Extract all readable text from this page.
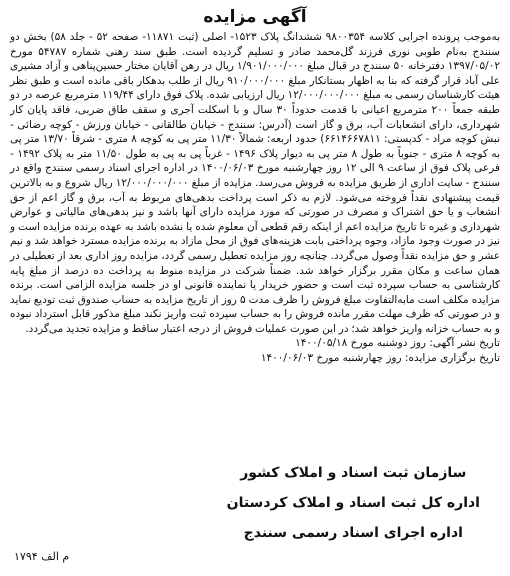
آگهی مزایده

به‌موجب پرونده اجرایی کلاسه ۹۸۰۰۳۵۴ ششدانگ پلاک ۱۵۲۳- اصلی (ثبت ۱۱۸۷۱- صفحه ۵۲ - جلد ۵۸) بخش دو سنندج به‌نام طوبی نوری فرزند گل‌محمد صادر و تسلیم گردیده است. طبق سند رهنی شماره ۵۴۷۸۷ مورخ ۱۳۹۷/۰۵/۰۲ دفترخانه ۵۰ سنندج در قبال مبلغ ۱/۹۰۱/۰۰۰/۰۰۰ ریال در رهن آقایان مختار حسین‌پناهی و آزاد مشیری علی آباد قرار گرفته که بنا به اظهار بستانکار مبلغ ۹۱۰/۰۰۰/۰۰۰ ریال از طلب بدهکار باقی مانده است و طبق نظر هیئت کارشناسان رسمی به مبلغ ۱۲/۰۰۰/۰۰۰/۰۰۰ ریال ارزیابی شده. پلاک فوق دارای ۱۱۹/۴۴ مترمربع عرصه در دو طبقه جمعاً ۲۰۰ مترمربع اعیانی با قدمت حدوداً ۳۰ سال و با اسکلت آجری و سقف طاق ضربی، فاقد پایان کار شهرداری، دارای انشعابات آب، برق و گاز است (آدرس: سنندج - خیابان طالقانی - خیابان ورزش - کوچه رضائی - نبش کوچه مراد - کدپستی: ۶۶۱۴۶۶۷۸۱۱) حدود اربعه: شمالاً ۱۱/۳۰ متر پی به کوچه ۸ متری - شرقاً ۱۳/۷۰ متر پی به کوچه ۸ متری - جنوباً به طول ۸ متر پی به دیوار پلاک ۱۴۹۶ - غرباً پی به پی به طول ۱۱/۵۰ متر به پلاک ۱۴۹۲ - فرعی پلاک فوق از ساعت ۹ الی ۱۲ روز چهارشنبه مورخ ۱۴۰۰/۰۶/۰۳ در اداره اجرای اسناد رسمی سنندج واقع در سنندج - سایت اداری از طریق مزایده به فروش می‌رسد. مزایده از مبلغ ۱۲/۰۰۰/۰۰۰/۰۰۰ ریال شروع و به بالاترین قیمت پیشنهادی نقداً فروخته می‌شود. لازم به ذکر است پرداخت بدهی‌های مربوط به آب، برق و گاز اعم از حق انشعاب و یا حق اشتراک و مصرف در صورتی که مورد مزایده دارای آنها باشد و نیز بدهی‌های مالیاتی و عوارض شهرداری و غیره تا تاریخ مزایده اعم از اینکه رقم قطعی آن معلوم شده یا نشده باشد به عهده برنده مزایده است و نیز در صورت وجود مازاد، وجوه پرداختی بابت هزینه‌های فوق از محل مازاد به برنده مزایده مسترد خواهد شد و نیم عشر و حق مزایده نقداً وصول می‌گردد. چنانچه روز مزایده تعطیل رسمی گردد، مزایده روز اداری بعد از تعطیلی در همان ساعت و مکان مقرر برگزار خواهد شد. ضمناً شرکت در مزایده منوط به پرداخت ده درصد از مبلغ پایه کارشناسی به حساب سپرده ثبت است و حضور خریدار یا نماینده قانونی او در جلسه مزایده الزامی است. برنده مزایده مکلف است ما‌به‌التفاوت مبلغ فروش را ظرف مدت ۵ روز از تاریخ مزایده به حساب صندوق ثبت تودیع نماید و در صورتی که ظرف مهلت مقرر مانده فروش را به حساب سپرده ثبت واریز نکند مبلغ مذکور قابل استرداد نبوده و به حساب خزانه واریز خواهد شد؛ در این صورت عملیات فروش از درجه اعتبار ساقط و مزایده تجدید می‌گردد.

تاریخ نشر آگهی: روز دوشنبه مورخ ۱۴۰۰/۰۵/۱۸
تاریخ برگزاری مزایده: روز چهارشنبه مورخ ۱۴۰۰/۰۶/۰۳
سازمان ثبت اسناد و املاک کشور
اداره کل ثبت اسناد و املاک کردستان
اداره اجرای اسناد رسمی سنندج
م الف ۱۷۹۴
